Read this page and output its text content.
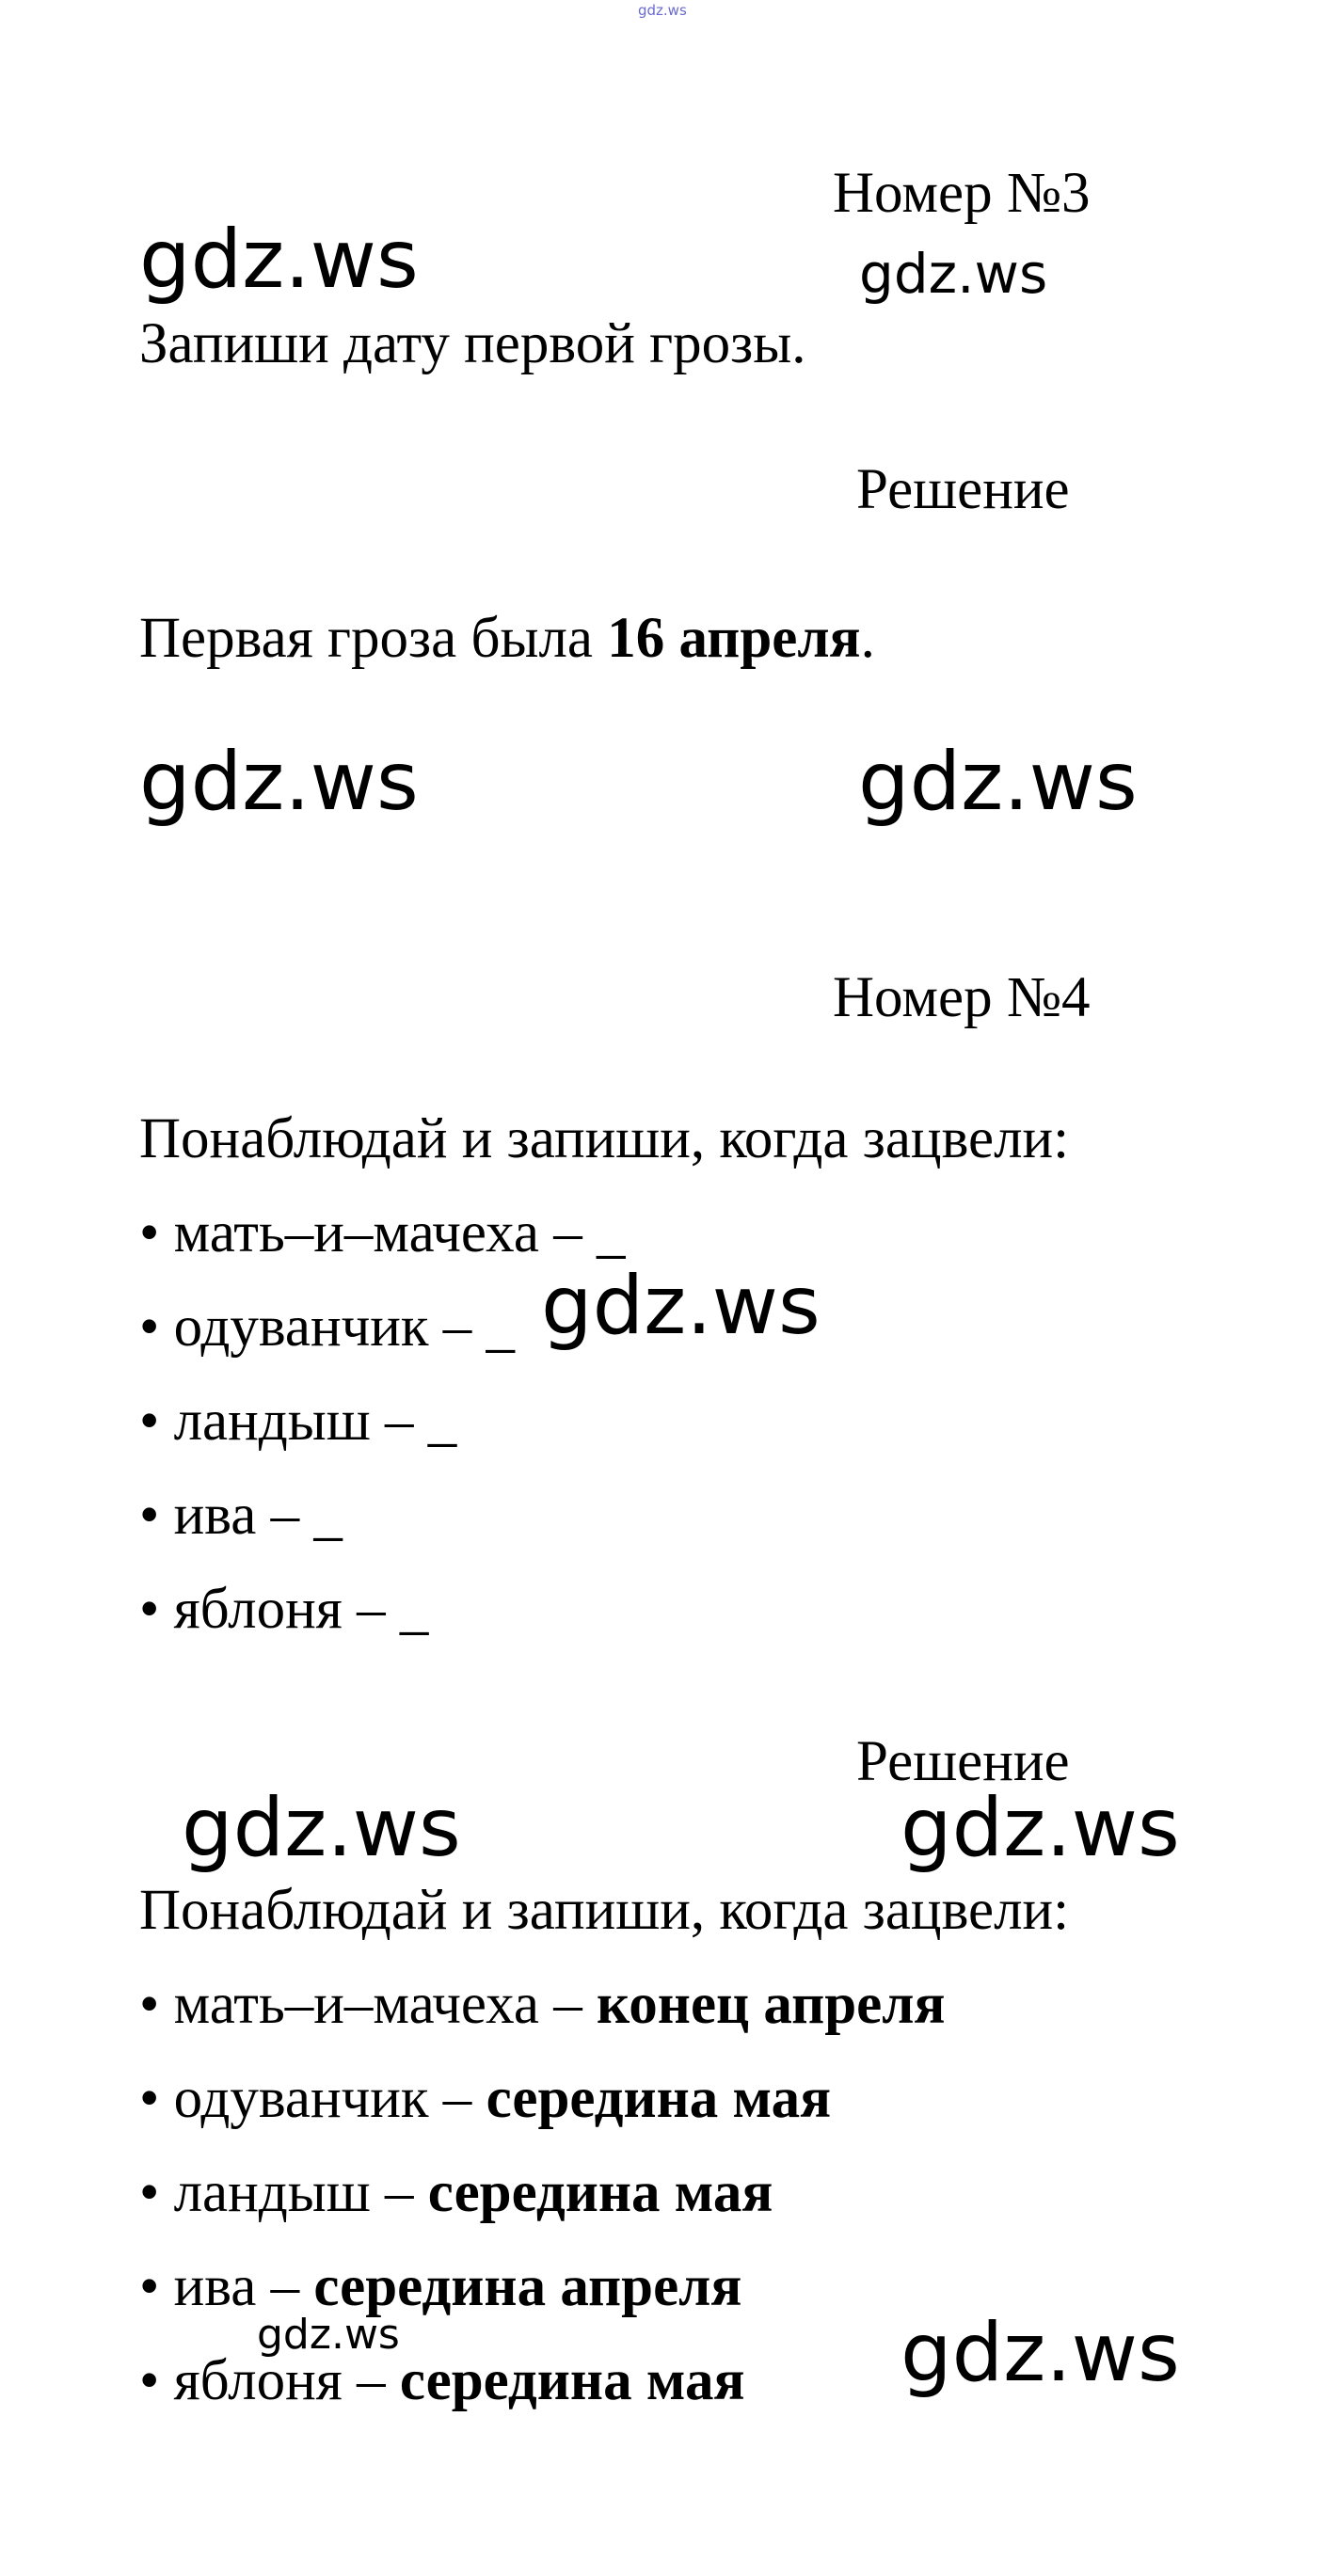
gdz.ws
Номер №3
gdz.ws	gdz.ws
Запиши дату первой грозы.
Решение
Первая гроза была 16 апреля.
gdz.ws	gdz.ws
Номер №4
Понаблюдай и запиши, когда зацвели:
• мать–и–мачеха – _
• одуванчик – _ gdz.ws
• ландыш – _
• ива – _
• яблоня – _
Решение
gdz.ws	gdz.ws
Понаблюдай и запиши, когда зацвели:
• мать–и–мачеха – конец апреля
• одуванчик – середина мая
• ландыш – середина мая
• ива – середина апреля
gdz.ws
• яблоня – середина мая gdz.ws
